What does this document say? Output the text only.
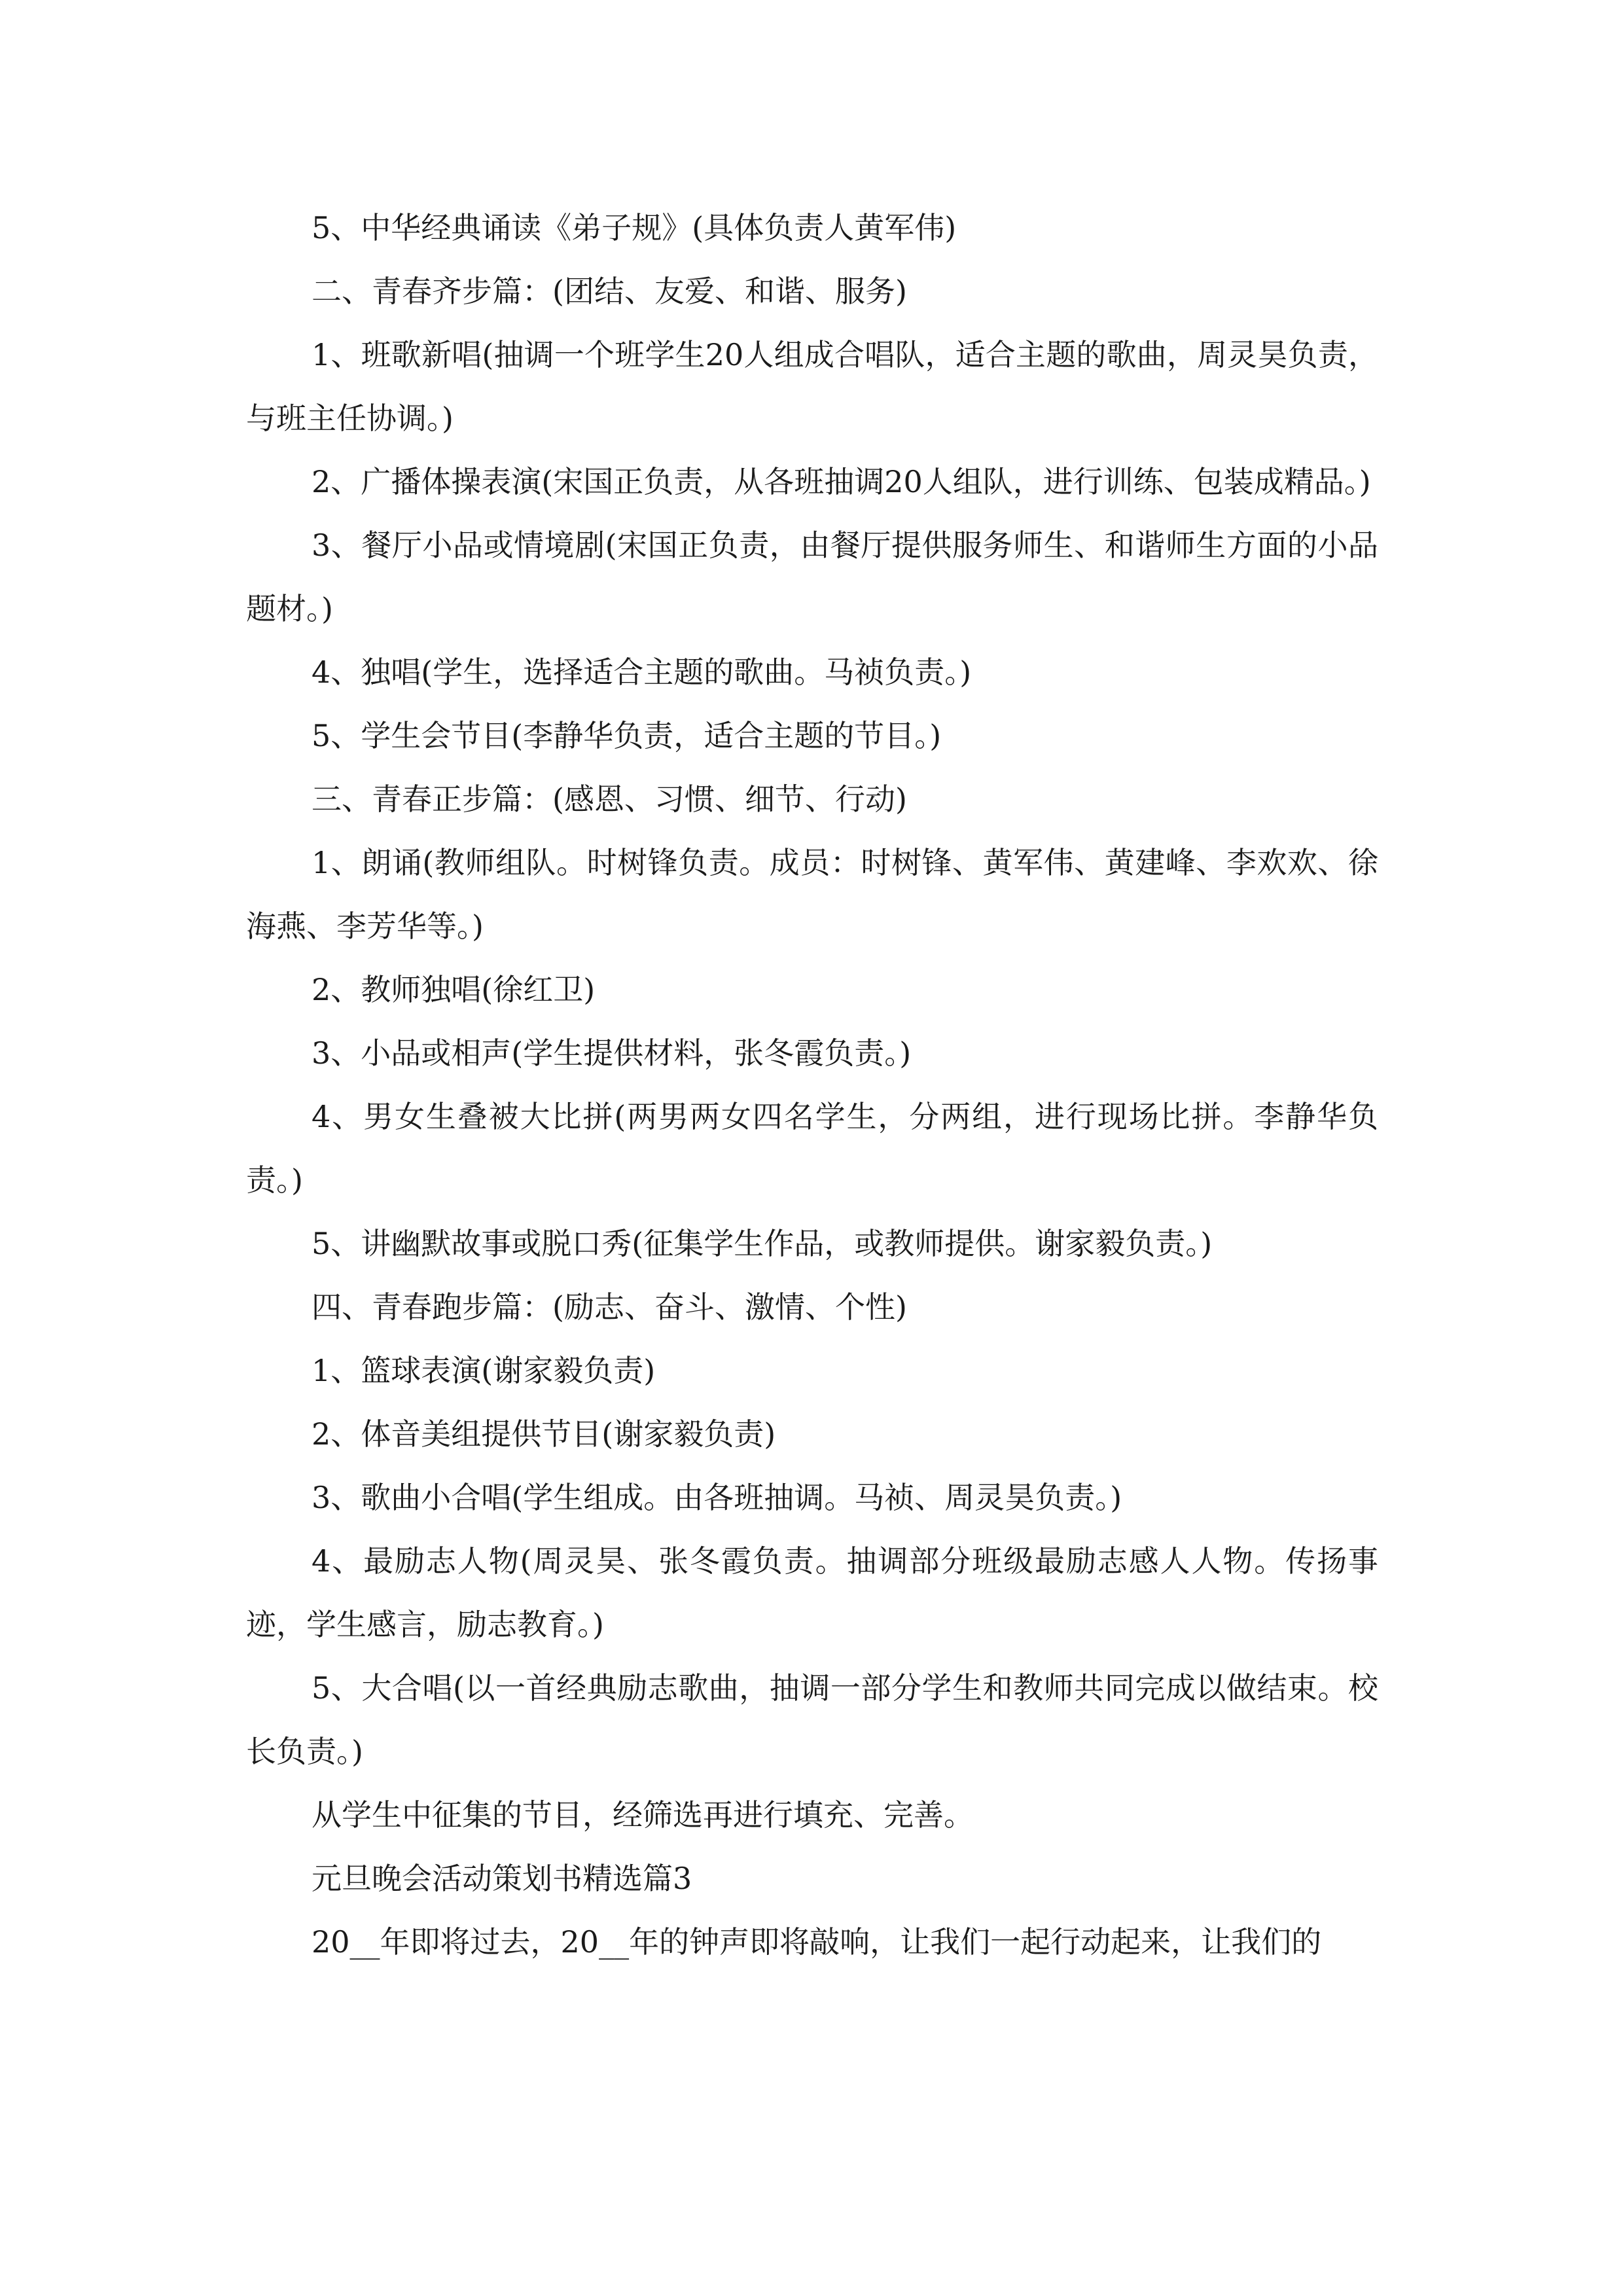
5、中华经典诵读《弟子规》(具体负责人黄军伟)

二、青春齐步篇：(团结、友爱、和谐、服务)

1、班歌新唱(抽调一个班学生20人组成合唱队，适合主题的歌曲，周灵昊负责，与班主任协调。)

2、广播体操表演(宋国正负责，从各班抽调20人组队，进行训练、包装成精品。)

3、餐厅小品或情境剧(宋国正负责，由餐厅提供服务师生、和谐师生方面的小品题材。)

4、独唱(学生，选择适合主题的歌曲。马祯负责。)

5、学生会节目(李静华负责，适合主题的节目。)

三、青春正步篇：(感恩、习惯、细节、行动)

1、朗诵(教师组队。时树锋负责。成员：时树锋、黄军伟、黄建峰、李欢欢、徐海燕、李芳华等。)

2、教师独唱(徐红卫)

3、小品或相声(学生提供材料，张冬霞负责。)

4、男女生叠被大比拼(两男两女四名学生，分两组，进行现场比拼。李静华负责。)

5、讲幽默故事或脱口秀(征集学生作品，或教师提供。谢家毅负责。)

四、青春跑步篇：(励志、奋斗、激情、个性)

1、篮球表演(谢家毅负责)

2、体音美组提供节目(谢家毅负责)

3、歌曲小合唱(学生组成。由各班抽调。马祯、周灵昊负责。)

4、最励志人物(周灵昊、张冬霞负责。抽调部分班级最励志感人人物。传扬事迹，学生感言，励志教育。)

5、大合唱(以一首经典励志歌曲，抽调一部分学生和教师共同完成以做结束。校长负责。)

从学生中征集的节目，经筛选再进行填充、完善。

元旦晚会活动策划书精选篇3

20__年即将过去，20__年的钟声即将敲响，让我们一起行动起来，让我们的
